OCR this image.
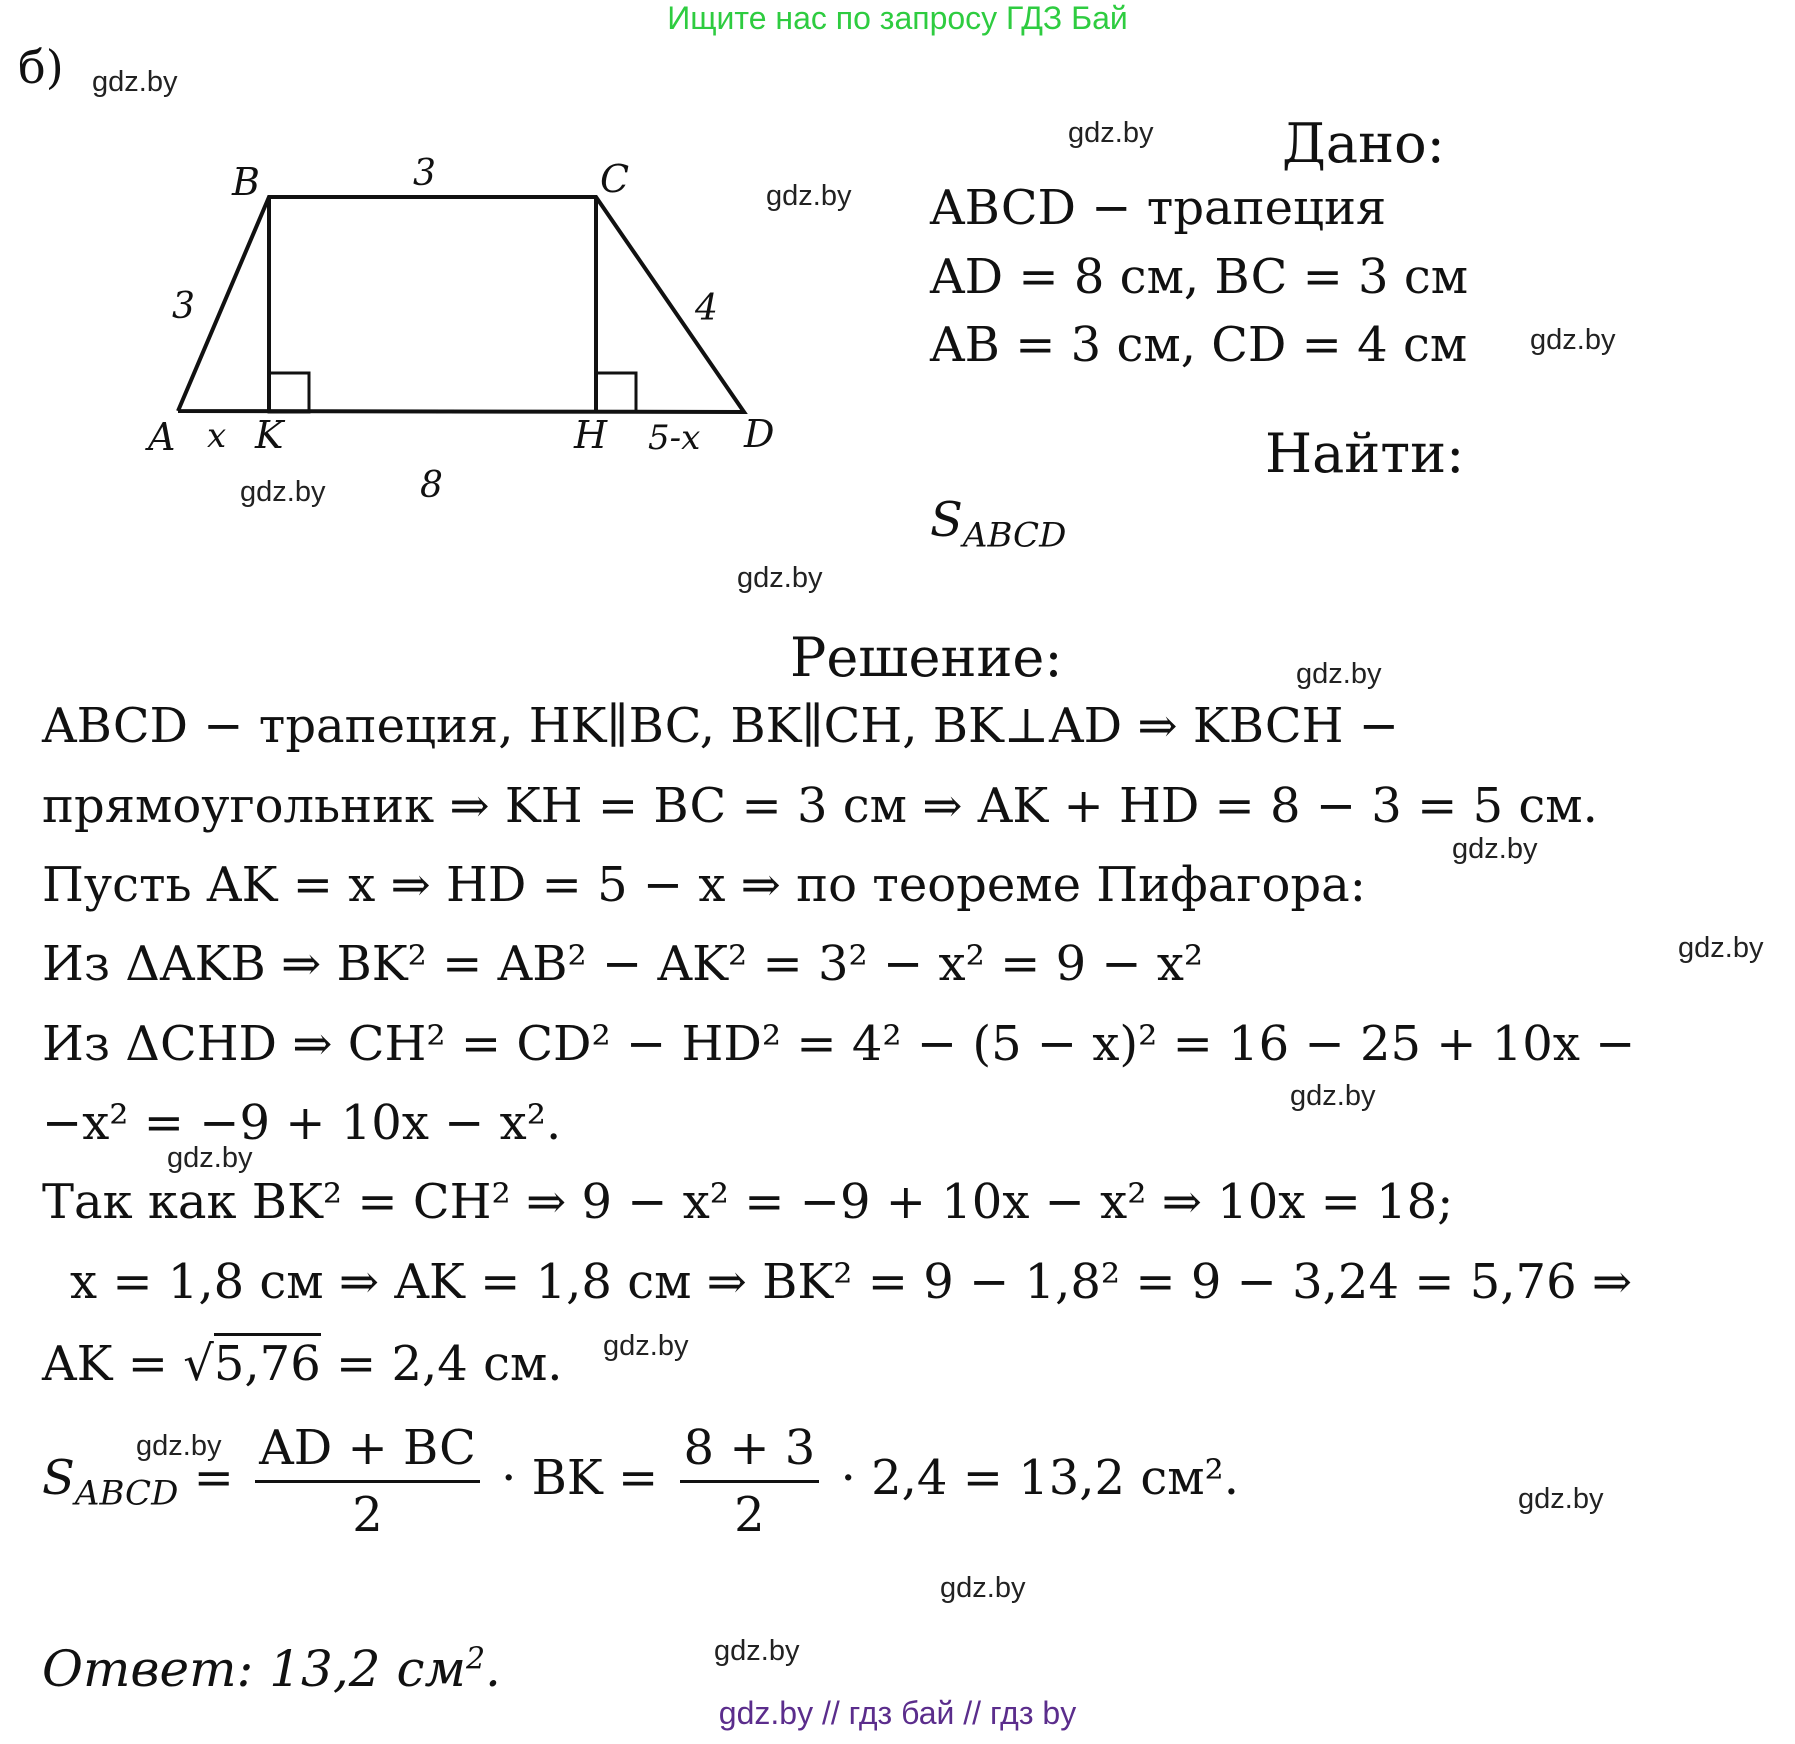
Ищите нас по запросу ГДЗ Бай
б) gdz.by
gdz.by
gdz.by
gdz.by
gdz.by
gdz.by
gdz.by
gdz.by
gdz.by
gdz.by
gdz.by
gdz.by
gdz.by
gdz.by
gdz.by
gdz.by
B	C
A	D
K	H
3
3	4
x	5-x
8
Дано:
ABCD − трапеция
AD = 8 см, BC = 3 см
AB = 3 см, CD = 4 см
Найти:
$S_{ABCD}$
Решение:
ABCD − трапеция, HK∥BC, BK∥CH, BK⊥AD ⇒ KBCH −
прямоугольник ⇒ KH = BC = 3 см ⇒ AK + HD = 8 − 3 = 5 см.
Пусть AK = x ⇒ HD = 5 − x ⇒ по теореме Пифагора:
Из ΔAKB ⇒ BK² = AB² − AK² = 3² − x² = 9 − x²
Из ΔCHD ⇒ CH² = CD² − HD² = 4² − (5 − x)² = 16 − 25 + 10x −
−x² = −9 + 10x − x².
Так как BK² = CH² ⇒ 9 − x² = −9 + 10x − x² ⇒ 10x = 18;
x = 1,8 см ⇒ AK = 1,8 см ⇒ BK² = 9 − 1,8² = 9 − 3,24 = 5,76 ⇒
AK = √5,76 = 2,4 см.
$S_{ABCD} = \frac{AD + BC}{2}$ · BK = $\frac{8 + 3}{2} \cdot 2,4 = 13,2$ см².
Ответ: 13,2 $см^2$.
gdz.by // гдз бай // гдз by
